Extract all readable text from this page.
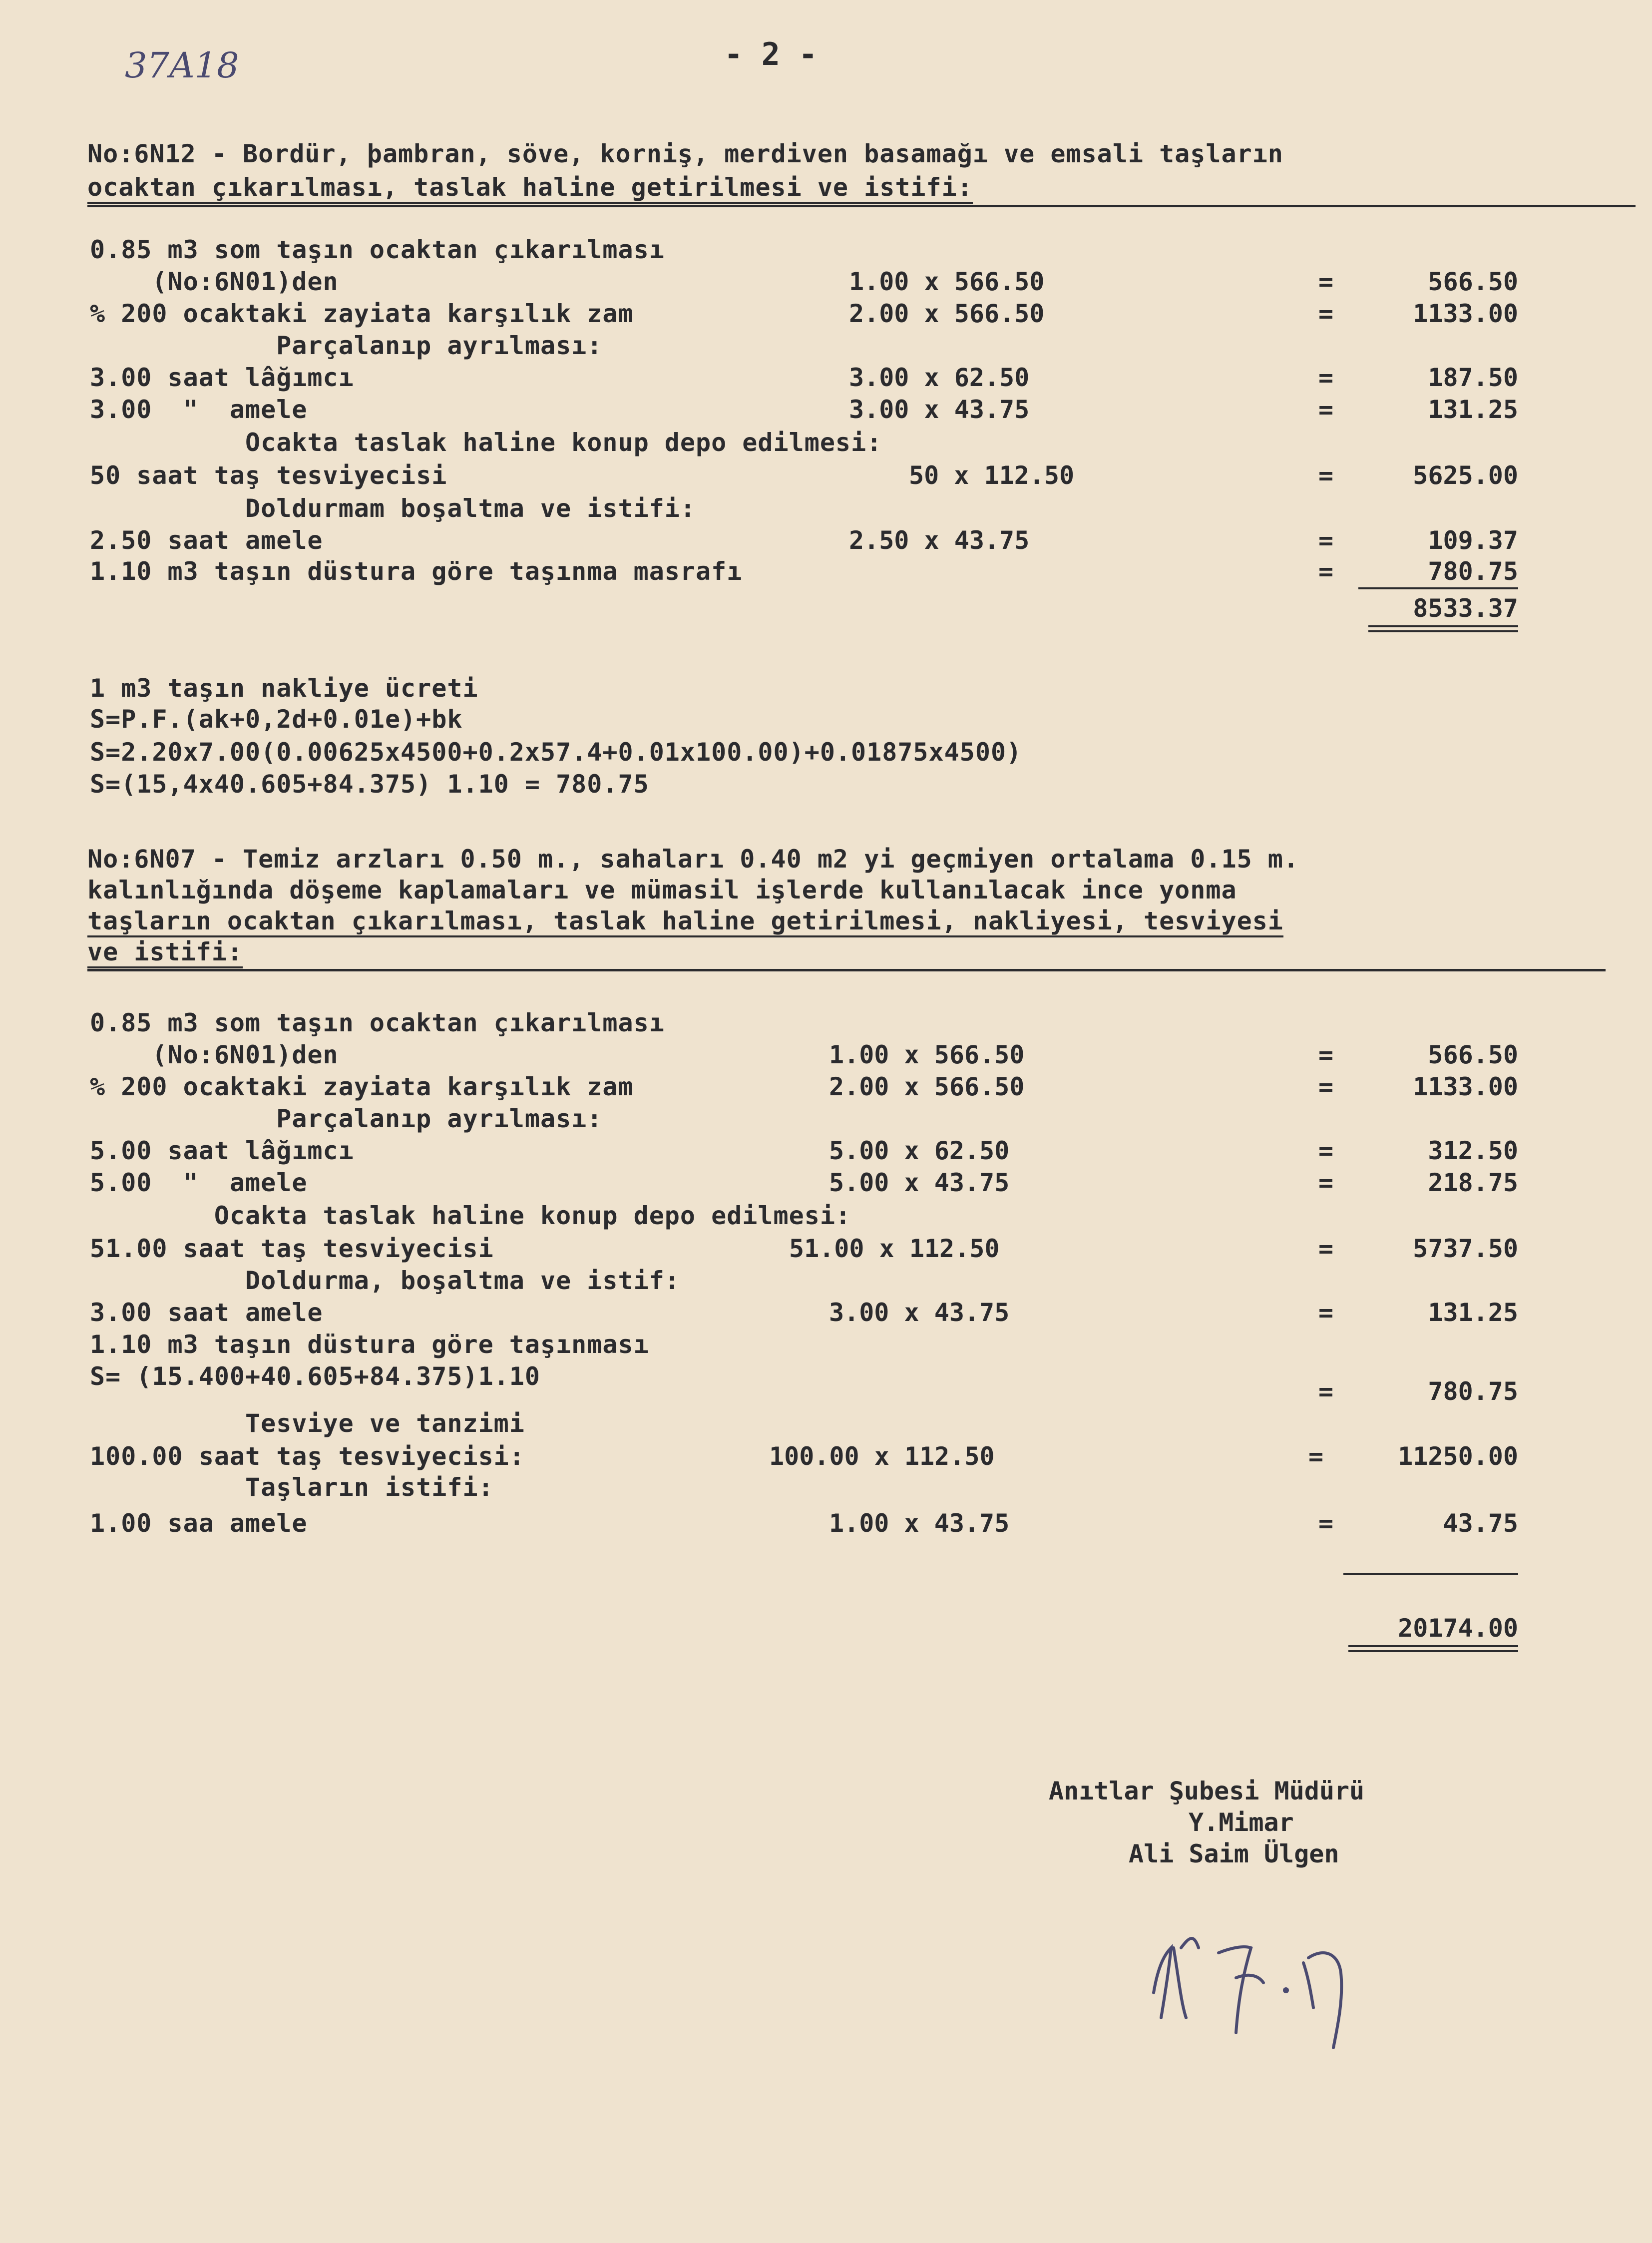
37A18	- 2 -
No:6N12 - Bordür, þambran, söve, korniş, merdiven basamağı ve emsali taşların
ocaktan çıkarılması, taslak haline getirilmesi ve istifi:
0.85 m3 som taşın ocaktan çıkarılması
(No:6N01)den	1.00 x 566.50	=	566.50
% 200 ocaktaki zayiata karşılık zam	2.00 x 566.50	=	1133.00
Parçalanıp ayrılması:
3.00 saat lâğımcı	3.00 x 62.50	=	187.50
3.00  "  amele	3.00 x 43.75	=	131.25
Ocakta taslak haline konup depo edilmesi:
50 saat taş tesviyecisi	50 x 112.50	=	5625.00
Doldurmam boşaltma ve istifi:
2.50 saat amele	2.50 x 43.75	=	109.37
1.10 m3 taşın düstura göre taşınma masrafı	=	780.75
8533.37
1 m3 taşın nakliye ücreti
S=P.F.(ak+0,2d+0.01e)+bk
S=2.20x7.00(0.00625x4500+0.2x57.4+0.01x100.00)+0.01875x4500)
S=(15,4x40.605+84.375) 1.10 = 780.75
No:6N07 - Temiz arzları 0.50 m., sahaları 0.40 m2 yi geçmiyen ortalama 0.15 m.
kalınlığında döşeme kaplamaları ve mümasil işlerde kullanılacak ince yonma
taşların ocaktan çıkarılması, taslak haline getirilmesi, nakliyesi, tesviyesi
ve istifi:
0.85 m3 som taşın ocaktan çıkarılması
(No:6N01)den	1.00 x 566.50	=	566.50
% 200 ocaktaki zayiata karşılık zam	2.00 x 566.50	=	1133.00
Parçalanıp ayrılması:
5.00 saat lâğımcı	5.00 x 62.50	=	312.50
5.00  "  amele	5.00 x 43.75	=	218.75
Ocakta taslak haline konup depo edilmesi:
51.00 saat taş tesviyecisi	51.00 x 112.50	=	5737.50
Doldurma, boşaltma ve istif:
3.00 saat amele	3.00 x 43.75	=	131.25
1.10 m3 taşın düstura göre taşınması
S= (15.400+40.605+84.375)1.10
=	780.75
Tesviye ve tanzimi
100.00 saat taş tesviyecisi:	100.00 x 112.50	=	11250.00
Taşların istifi:
1.00 saa amele	1.00 x 43.75	=	43.75
20174.00
Anıtlar Şubesi Müdürü
Y.Mimar
Ali Saim Ülgen
